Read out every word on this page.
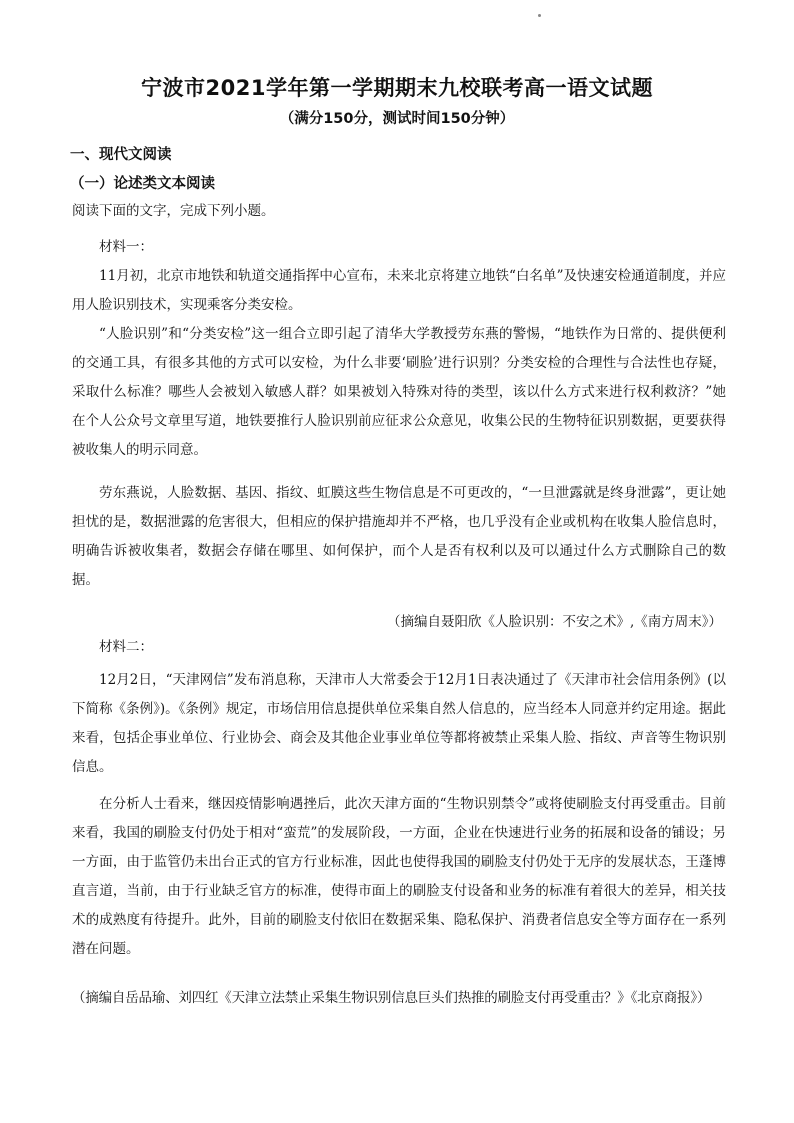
宁波市2021学年第一学期期末九校联考高一语文试题
（满分150分，测试时间150分钟）
一、现代文阅读
（一）论述类文本阅读
阅读下面的文字，完成下列小题。
材料一：
11月初，北京市地铁和轨道交通指挥中心宣布，未来北京将建立地铁“白名单”及快速安检通道制度，并应用人脸识别技术，实现乘客分类安检。
“人脸识别”和“分类安检”这一组合立即引起了清华大学教授劳东燕的警惕，“地铁作为日常的、提供便利的交通工具，有很多其他的方式可以安检，为什么非要‘刷脸’进行识别？分类安检的合理性与合法性也存疑，采取什么标准？哪些人会被划入敏感人群？如果被划入特殊对待的类型，该以什么方式来进行权利救济？”她在个人公众号文章里写道，地铁要推行人脸识别前应征求公众意见，收集公民的生物特征识别数据，更要获得被收集人的明示同意。
劳东燕说，人脸数据、基因、指纹、虹膜这些生物信息是不可更改的，“一旦泄露就是终身泄露”，更让她担忧的是，数据泄露的危害很大，但相应的保护措施却并不严格，也几乎没有企业或机构在收集人脸信息时，明确告诉被收集者，数据会存储在哪里、如何保护，而个人是否有权利以及可以通过什么方式删除自己的数据。
（摘编自聂阳欣《人脸识别：不安之术》,《南方周末》）
材料二：
12月2日，“天津网信”发布消息称，天津市人大常委会于12月1日表决通过了《天津市社会信用条例》(以下简称《条例》)。《条例》规定，市场信用信息提供单位采集自然人信息的，应当经本人同意并约定用途。据此来看，包括企事业单位、行业协会、商会及其他企业事业单位等都将被禁止采集人脸、指纹、声音等生物识别信息。
在分析人士看来，继因疫情影响遇挫后，此次天津方面的“生物识别禁令”或将使刷脸支付再受重击。目前来看，我国的刷脸支付仍处于相对“蛮荒”的发展阶段，一方面，企业在快速进行业务的拓展和设备的铺设；另一方面，由于监管仍未出台正式的官方行业标准，因此也使得我国的刷脸支付仍处于无序的发展状态，王蓬博直言道，当前，由于行业缺乏官方的标准，使得市面上的刷脸支付设备和业务的标准有着很大的差异，相关技术的成熟度有待提升。此外，目前的刷脸支付依旧在数据采集、隐私保护、消费者信息安全等方面存在一系列潜在问题。
（摘编自岳品瑜、刘四红《天津立法禁止采集生物识别信息巨头们热推的刷脸支付再受重击？》《北京商报》）
